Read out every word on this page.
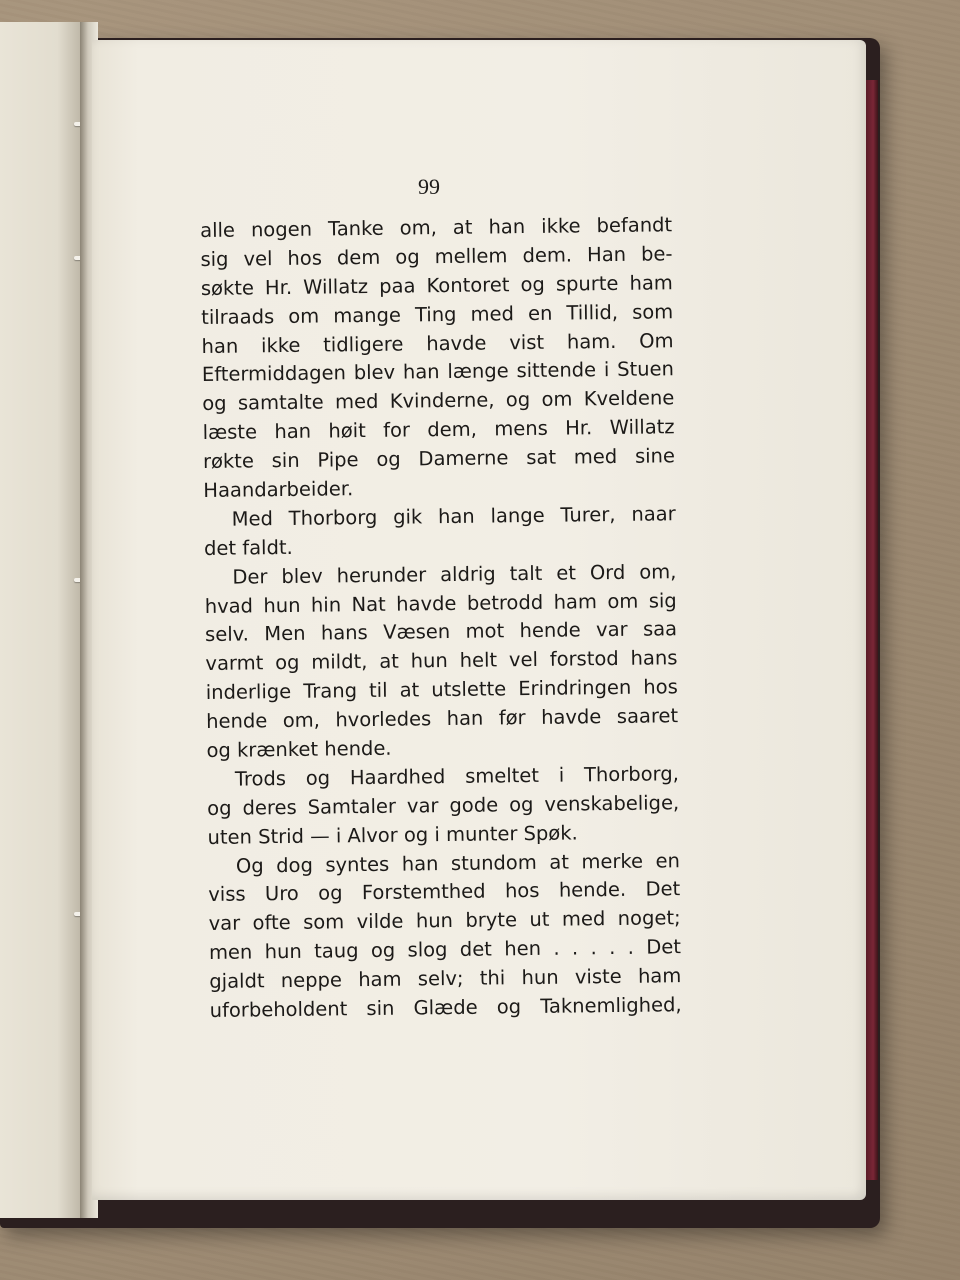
99
alle nogen Tanke om, at han ikke befandt
sig vel hos dem og mellem dem. Han be-
søkte Hr. Willatz paa Kontoret og spurte ham
tilraads om mange Ting med en Tillid, som
han ikke tidligere havde vist ham. Om
Eftermiddagen blev han længe sittende i Stuen
og samtalte med Kvinderne, og om Kveldene
læste han høit for dem, mens Hr. Willatz
røkte sin Pipe og Damerne sat med sine
Haandarbeider.
Med Thorborg gik han lange Turer, naar
det faldt.
Der blev herunder aldrig talt et Ord om,
hvad hun hin Nat havde betrodd ham om sig
selv. Men hans Væsen mot hende var saa
varmt og mildt, at hun helt vel forstod hans
inderlige Trang til at utslette Erindringen hos
hende om, hvorledes han før havde saaret
og krænket hende.
Trods og Haardhed smeltet i Thorborg,
og deres Samtaler var gode og venskabelige,
uten Strid — i Alvor og i munter Spøk.
Og dog syntes han stundom at merke en
viss Uro og Forstemthed hos hende. Det
var ofte som vilde hun bryte ut med noget;
men hun taug og slog det hen . . . . . Det
gjaldt neppe ham selv; thi hun viste ham
uforbeholdent sin Glæde og Taknemlighed,
